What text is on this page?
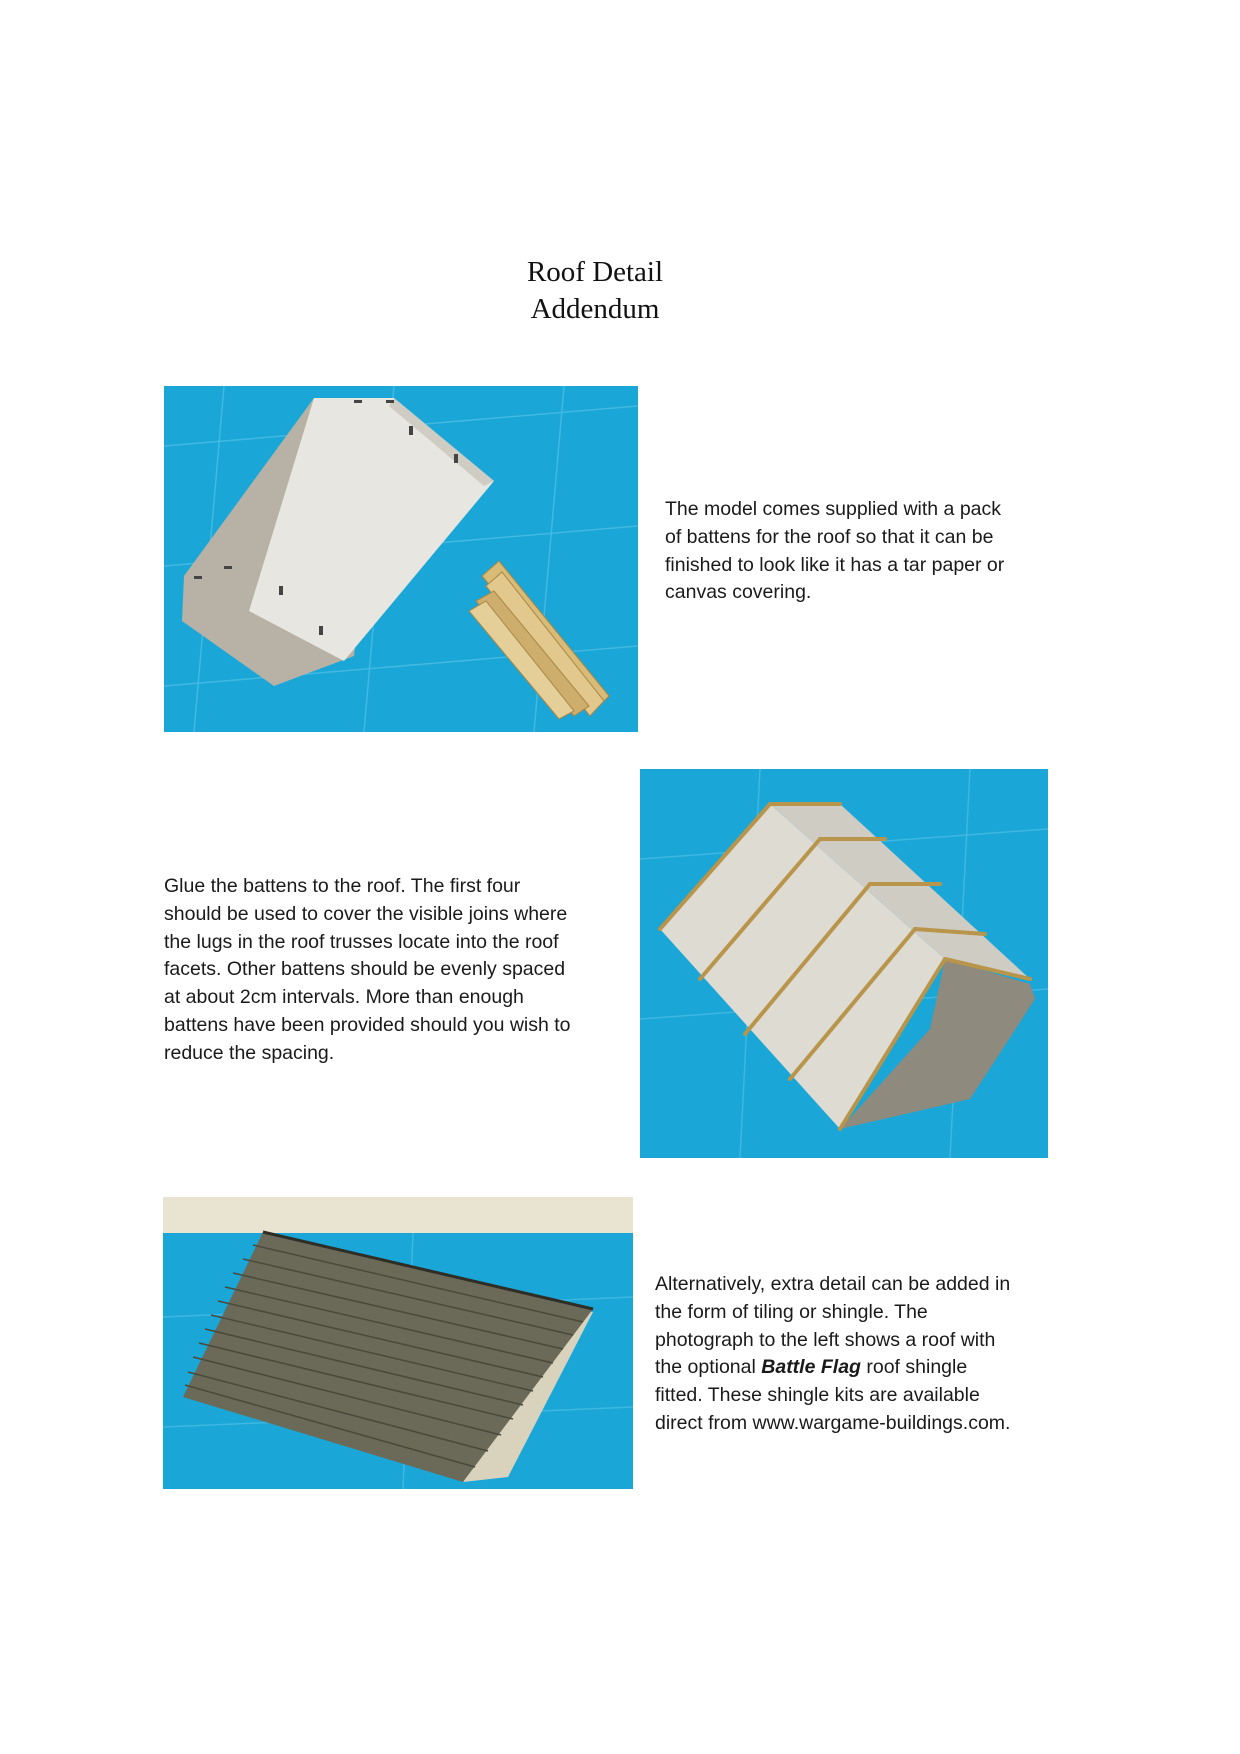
Roof Detail
Addendum
The model comes supplied with a pack
of battens for the roof so that it can be
finished to look like it has a tar paper or
canvas covering.
Glue the battens to the roof. The first four
should be used to cover the visible joins where
the lugs in the roof trusses locate into the roof
facets. Other battens should be evenly spaced
at about 2cm intervals. More than enough
battens have been provided should you wish to
reduce the spacing.
Alternatively, extra detail can be added in
the form of tiling or shingle. The
photograph to the left shows a roof with
the optional Battle Flag roof shingle
fitted. These shingle kits are available
direct from www.wargame-buildings.com.
